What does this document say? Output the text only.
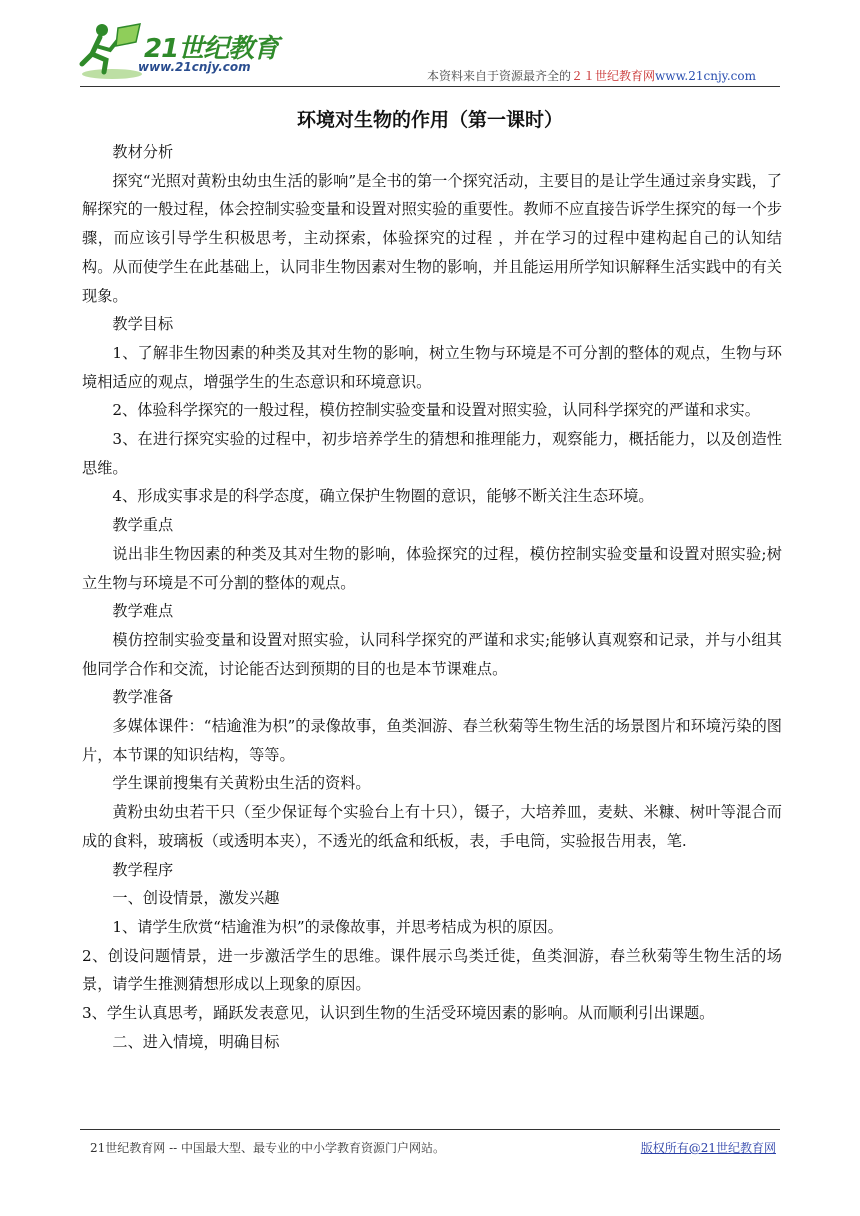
21世纪教育
www.21cnjy.com
本资料来自于资源最齐全的２１世纪教育网www.21cnjy.com
环境对生物的作用（第一课时）

教材分析

探究“光照对黄粉虫幼虫生活的影响”是全书的第一个探究活动，主要目的是让学生通过亲身实践，了解探究的一般过程，体会控制实验变量和设置对照实验的重要性。教师不应直接告诉学生探究的每一个步骤，而应该引导学生积极思考，主动探索，体验探究的过程 ，并在学习的过程中建构起自己的认知结构。从而使学生在此基础上，认同非生物因素对生物的影响，并且能运用所学知识解释生活实践中的有关现象。

教学目标

1、了解非生物因素的种类及其对生物的影响，树立生物与环境是不可分割的整体的观点，生物与环境相适应的观点，增强学生的生态意识和环境意识。

2、体验科学探究的一般过程，模仿控制实验变量和设置对照实验，认同科学探究的严谨和求实。

3、在进行探究实验的过程中，初步培养学生的猜想和推理能力，观察能力，概括能力，以及创造性思维。

4、形成实事求是的科学态度，确立保护生物圈的意识，能够不断关注生态环境。

教学重点

说出非生物因素的种类及其对生物的影响，体验探究的过程，模仿控制实验变量和设置对照实验;树立生物与环境是不可分割的整体的观点。

教学难点

模仿控制实验变量和设置对照实验，认同科学探究的严谨和求实;能够认真观察和记录，并与小组其他同学合作和交流，讨论能否达到预期的目的也是本节课难点。

教学准备

多媒体课件：“桔逾淮为枳”的录像故事，鱼类洄游、春兰秋菊等生物生活的场景图片和环境污染的图片，本节课的知识结构，等等。

学生课前搜集有关黄粉虫生活的资料。

黄粉虫幼虫若干只（至少保证每个实验台上有十只），镊子，大培养皿，麦麸、米糠、树叶等混合而成的食料，玻璃板（或透明本夹），不透光的纸盒和纸板，表，手电筒，实验报告用表，笔.

教学程序

一、创设情景，激发兴趣

1、请学生欣赏“桔逾淮为枳”的录像故事，并思考桔成为枳的原因。

2、创设问题情景，进一步激活学生的思维。课件展示鸟类迁徙，鱼类洄游，春兰秋菊等生物生活的场景，请学生推测猜想形成以上现象的原因。

3、学生认真思考，踊跃发表意见，认识到生物的生活受环境因素的影响。从而顺利引出课题。

二、进入情境，明确目标

21世纪教育网 -- 中国最大型、最专业的中小学教育资源门户网站。	版权所有@21世纪教育网
